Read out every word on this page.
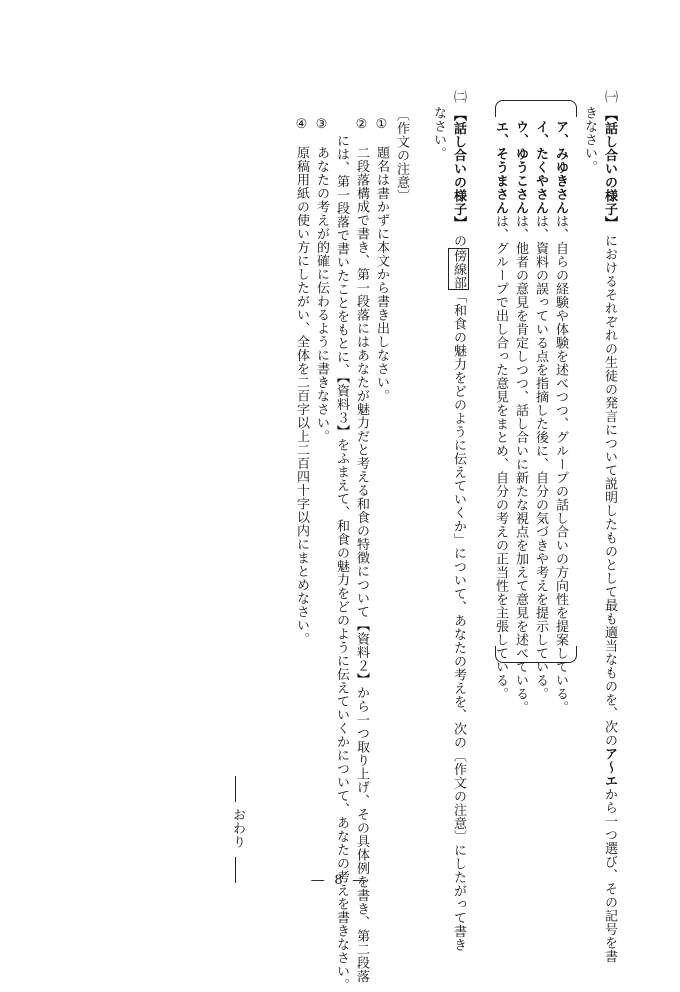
㈠ 【話し合いの様子】 におけるそれぞれの生徒の発言について説明したものとして最も適当なものを、次のア〜エから一つ選び、その記号を書
きなさい。
ア、みゆきさんは、自らの経験や体験を述べつつ、グループの話し合いの方向性を提案している。
イ、たくやさんは、資料の誤っている点を指摘した後に、自分の気づきや考えを提示している。
ウ、ゆうこさんは、他者の意見を肯定しつつ、話し合いに新たな視点を加えて意見を述べている。
エ、そうまさんは、グループで出し合った意見をまとめ、自分の考えの正当性を主張している。
㈡ 【話し合いの様子】 の傍線部「和食の魅力をどのように伝えていくか」について、あなたの考えを、次の〔作文の注意〕にしたがって書き
なさい。
〔作文の注意〕
①　題名は書かずに本文から書き出しなさい。
②　二段落構成で書き、第一段落にはあなたが魅力だと考える和食の特徴について【資料２】から一つ取り上げ、その具体例を書き、第二段落
には、第一段落で書いたことをもとに、【資料３】をふまえて、和食の魅力をどのように伝えていくかについて、あなたの考えを書きなさい。
③　あなたの考えが的確に伝わるように書きなさい。
④　原稿用紙の使い方にしたがい、全体を二百字以上二百四十字以内にまとめなさい。
おわり
― 8 ―
